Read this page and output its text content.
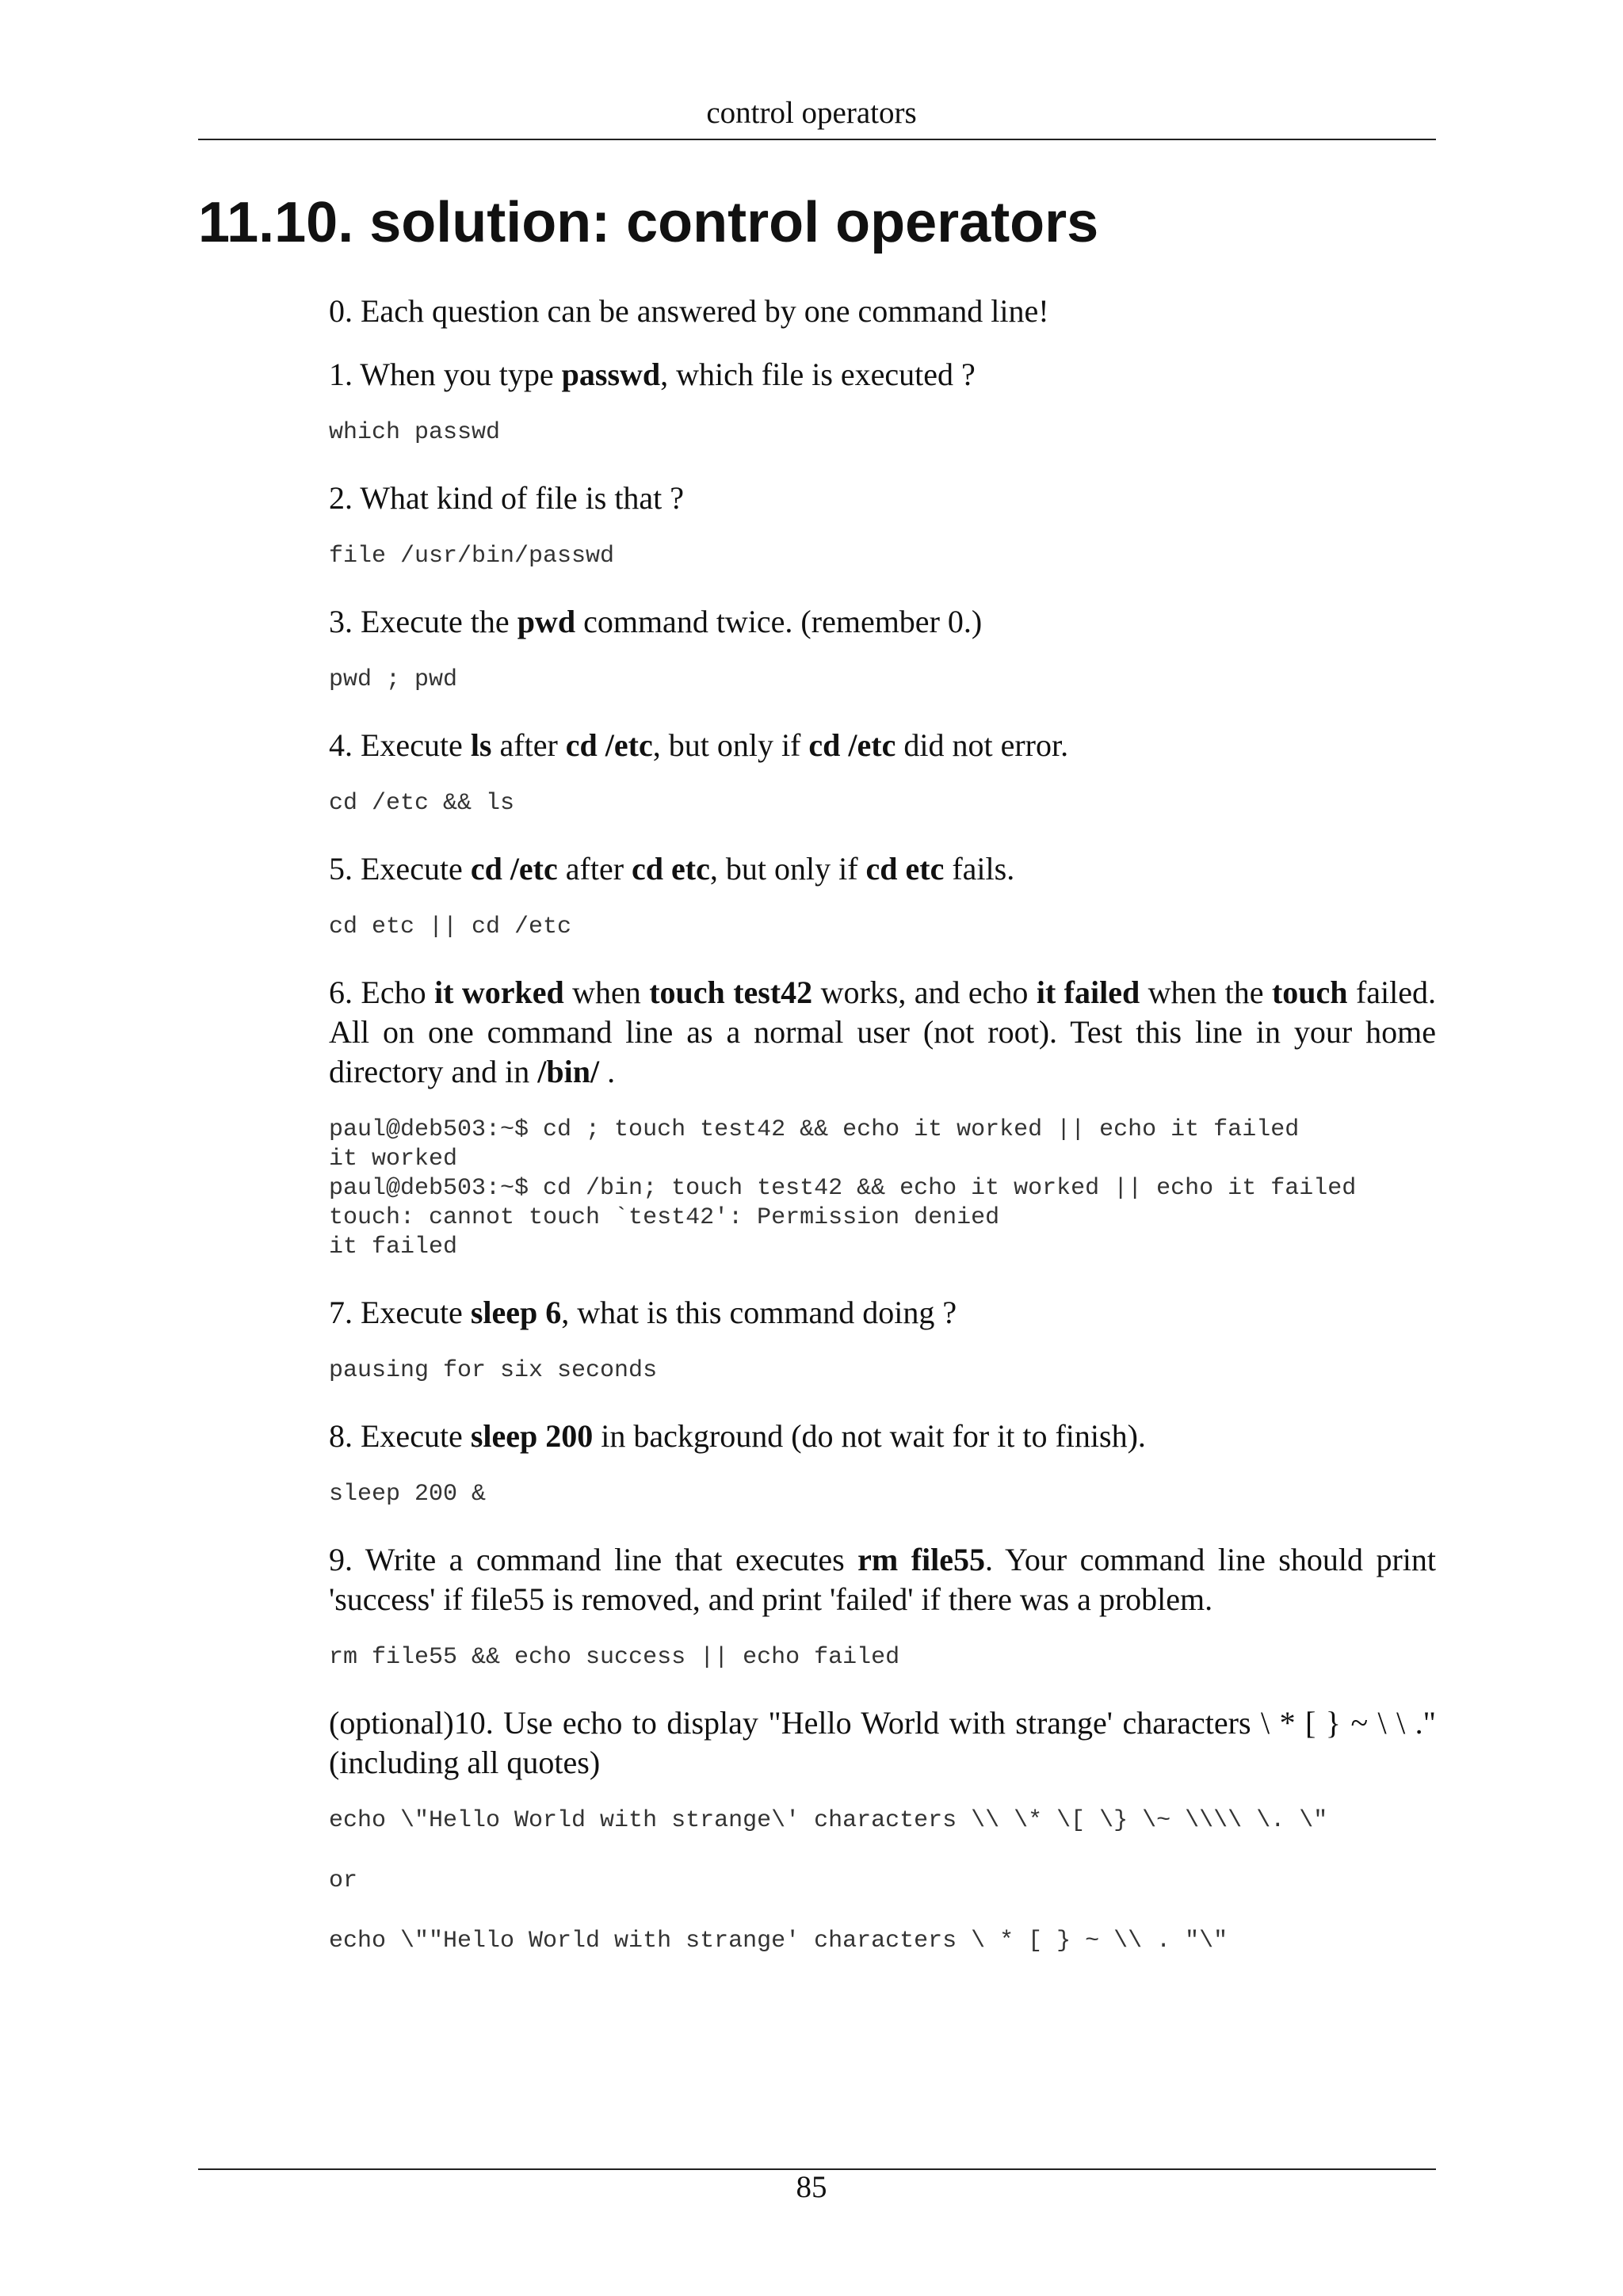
control operators
11.10. solution: control operators

0. Each question can be answered by one command line!

1. When you type passwd, which file is executed ?

which passwd

2. What kind of file is that ?

file /usr/bin/passwd

3. Execute the pwd command twice. (remember 0.)

pwd ; pwd

4. Execute ls after cd /etc, but only if cd /etc did not error.

cd /etc && ls

5. Execute cd /etc after cd etc, but only if cd etc fails.

cd etc || cd /etc

6. Echo it worked when touch test42 works, and echo it failed when the touch failed. All on one command line as a normal user (not root). Test this line in your home directory and in /bin/ .

paul@deb503:~$ cd ; touch test42 && echo it worked || echo it failed
it worked
paul@deb503:~$ cd /bin; touch test42 && echo it worked || echo it failed
touch: cannot touch `test42': Permission denied
it failed

7. Execute sleep 6, what is this command doing ?

pausing for six seconds

8. Execute sleep 200 in background (do not wait for it to finish).

sleep 200 &

9. Write a command line that executes rm file55. Your command line should print 'success' if file55 is removed, and print 'failed' if there was a problem.

rm file55 && echo success || echo failed

(optional)10. Use echo to display "Hello World with strange' characters \ * [ } ~ \ \ ." (including all quotes)

echo \"Hello World with strange\' characters \\ \* \[ \} \~ \\\\ \. \"
or
echo \""Hello World with strange' characters \ * [ } ~ \\ . "\"
85
